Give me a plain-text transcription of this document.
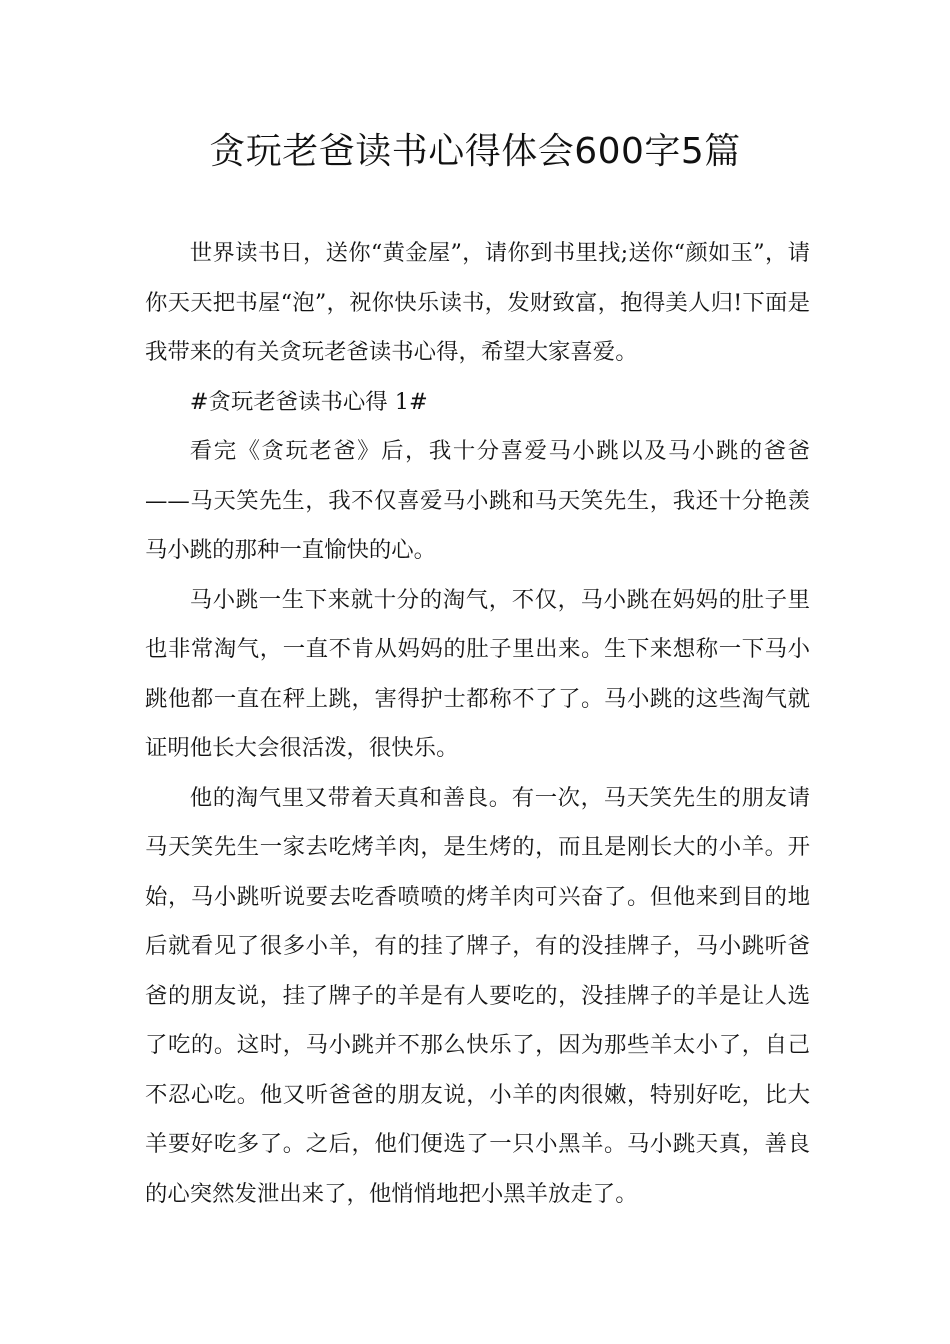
贪玩老爸读书心得体会600字5篇

世界读书日，送你“黄金屋”，请你到书里找;送你“颜如玉”，请你天天把书屋“泡”，祝你快乐读书，发财致富，抱得美人归!下面是我带来的有关贪玩老爸读书心得，希望大家喜爱。

#贪玩老爸读书心得 1#

看完《贪玩老爸》后，我十分喜爱马小跳以及马小跳的爸爸——马天笑先生，我不仅喜爱马小跳和马天笑先生，我还十分艳羡马小跳的那种一直愉快的心。

马小跳一生下来就十分的淘气，不仅，马小跳在妈妈的肚子里也非常淘气，一直不肯从妈妈的肚子里出来。生下来想称一下马小跳他都一直在秤上跳，害得护士都称不了了。马小跳的这些淘气就证明他长大会很活泼，很快乐。

他的淘气里又带着天真和善良。有一次，马天笑先生的朋友请马天笑先生一家去吃烤羊肉，是生烤的，而且是刚长大的小羊。开始，马小跳听说要去吃香喷喷的烤羊肉可兴奋了。但他来到目的地后就看见了很多小羊，有的挂了牌子，有的没挂牌子，马小跳听爸爸的朋友说，挂了牌子的羊是有人要吃的，没挂牌子的羊是让人选了吃的。这时，马小跳并不那么快乐了，因为那些羊太小了，自己不忍心吃。他又听爸爸的朋友说，小羊的肉很嫩，特别好吃，比大羊要好吃多了。之后，他们便选了一只小黑羊。马小跳天真，善良的心突然发泄出来了，他悄悄地把小黑羊放走了。
